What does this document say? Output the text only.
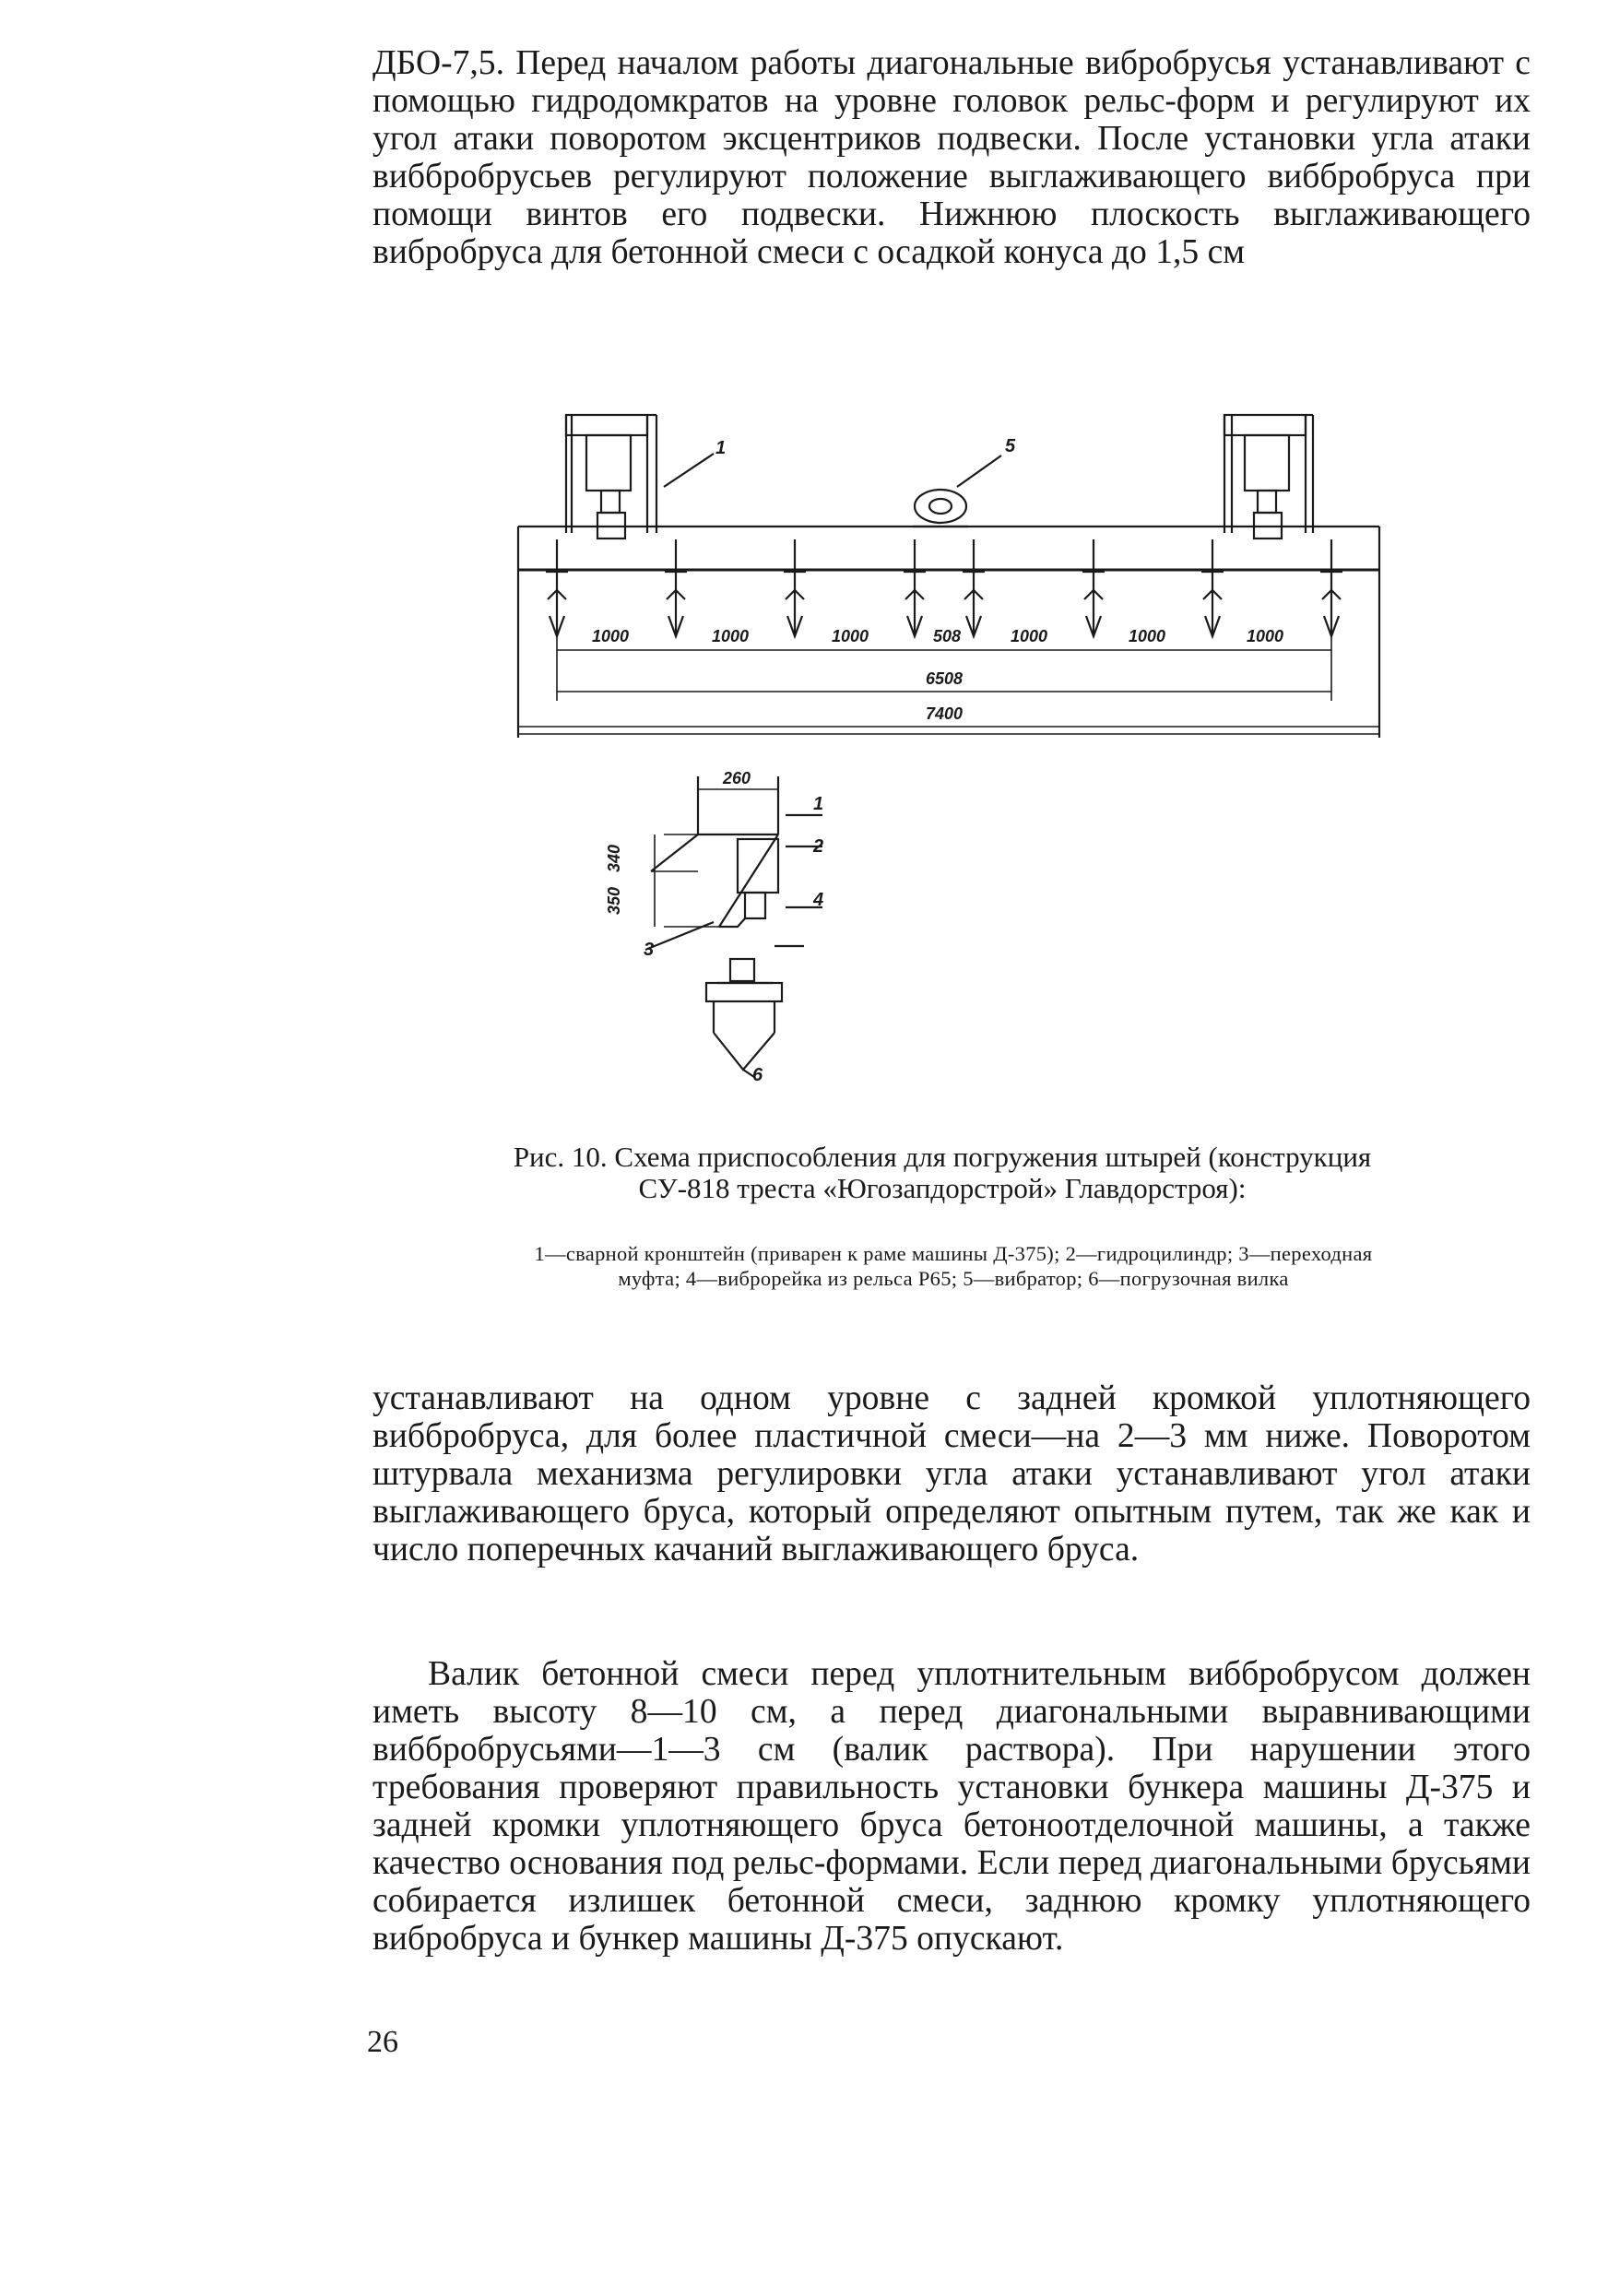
ДБО-7,5. Перед началом работы диагональные вибробрусья устанавливают с помощью гидродомкратов на уровне головок рельс-форм и регулируют их угол атаки поворотом эксцентриков подвески. После установки угла атаки виббробрусьев регулируют положение выглаживающего виббробруса при помощи винтов его подвески. Нижнюю плоскость выглаживающего вибробруса для бетонной смеси с осадкой конуса до 1,5 см
1000	1000	1000	508	1000	1000	1000
6508
7400
1	5
260
340
350
1
2
3
4
6
Рис. 10. Схема приспособления для погружения штырей (конструкция СУ-818 треста «Югозапдорстрой» Главдорстроя):
1—сварной кронштейн (приварен к раме машины Д-375); 2—гидроцилиндр; 3—переходная муфта; 4—виброрейка из рельса Р65; 5—вибратор; 6—погрузочная вилка
устанавливают на одном уровне с задней кромкой уплотняющего виббробруса, для более пластичной смеси—на 2—3 мм ниже. Поворотом штурвала механизма регулировки угла атаки устанавливают угол атаки выглаживающего бруса, который определяют опытным путем, так же как и число поперечных качаний выглаживающего бруса.
Валик бетонной смеси перед уплотнительным виббробрусом должен иметь высоту 8—10 см, а перед диагональными выравнивающими виббробрусьями—1—3 см (валик раствора). При нарушении этого требования проверяют правильность установки бункера машины Д-375 и задней кромки уплотняющего бруса бетоноотделочной машины, а также качество основания под рельс-формами. Если перед диагональными брусьями собирается излишек бетонной смеси, заднюю кромку уплотняющего вибробруса и бункер машины Д-375 опускают.
26
